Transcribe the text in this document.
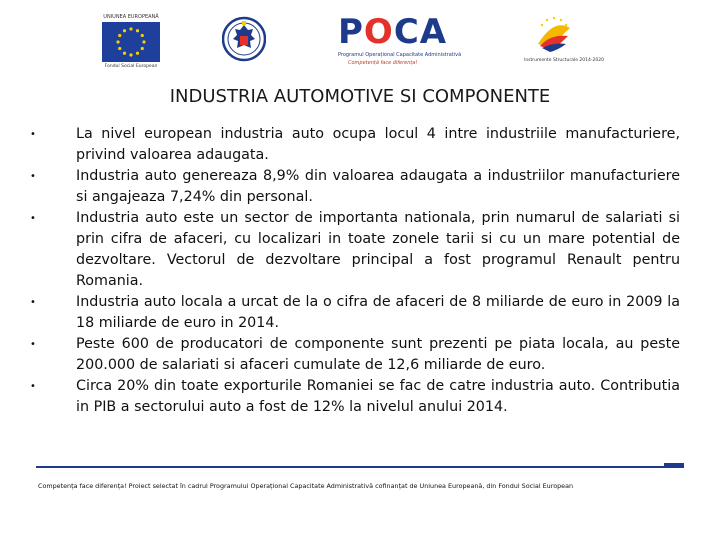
UNIUNEA EUROPEANĂ
Fondul Social European
POCA
Programul Operațional Capacitate Administrativă
Competență face diferența!	Instrumente Structurale 2014-2020
INDUSTRIA AUTOMOTIVE SI COMPONENTE
•	La nivel european industria auto ocupa locul 4 intre industriile manufacturiere, privind valoarea adaugata.
•	Industria auto genereaza 8,9% din valoarea adaugata a industriilor manufacturiere si angajeaza 7,24% din personal.
•	Industria auto este un sector de importanta nationala, prin numarul de salariati si prin cifra de afaceri, cu localizari in toate zonele tarii si cu un mare potential de dezvoltare. Vectorul de dezvoltare principal a fost programul Renault pentru Romania.
•	Industria auto locala a urcat de la o cifra de afaceri de 8 miliarde de euro in 2009 la 18 miliarde de euro in 2014.
•	Peste 600 de producatori de componente sunt prezenti pe piata locala, au peste 200.000 de salariati si afaceri cumulate de 12,6 miliarde de euro.
•	Circa 20% din toate exporturile Romaniei se fac de catre industria auto. Contributia in PIB a sectorului auto a fost de 12% la nivelul anului 2014.
Competența face diferența! Proiect selectat în cadrul Programului Operațional Capacitate Administrativă cofinanțat de Uniunea Europeană, din Fondul Social European
